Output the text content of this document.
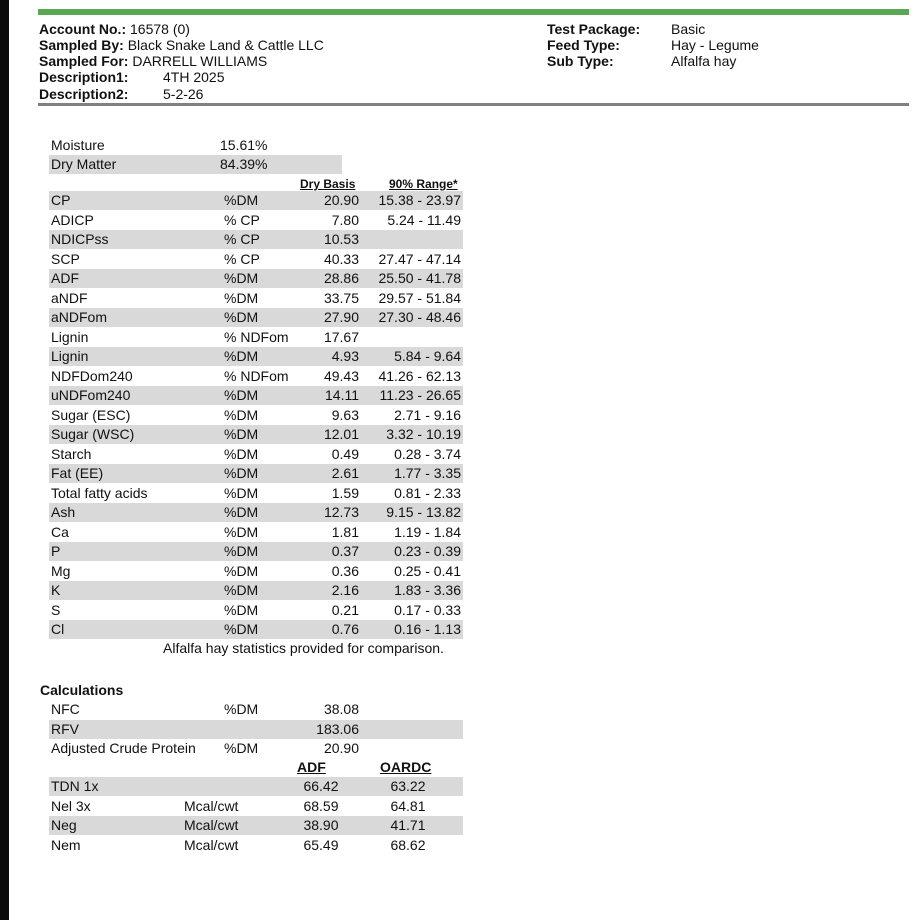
Account No.: 16578 (0)
Sampled By: Black Snake Land & Cattle LLC
Sampled For: DARRELL WILLIAMS
Description1: 4TH 2025
Description2: 5-2-26
Test Package: Basic
Feed Type:	Hay - Legume
Sub Type:	Alfalfa hay
Moisture	15.61%
Dry Matter	84.39%
Dry Basis	90% Range*
CP	%DM	20.90 15.38 - 23.97
ADICP	% CP	7.80 5.24 - 11.49
NDICPss	% CP	10.53
SCP	% CP	40.33 27.47 - 47.14
ADF	%DM	28.86 25.50 - 41.78
aNDF	%DM	33.75 29.57 - 51.84
aNDFom	%DM	27.90 27.30 - 48.46
Lignin	% NDFom	17.67
Lignin	%DM	4.93	5.84 - 9.64
NDFDom240	% NDFom	49.43 41.26 - 62.13
uNDFom240	%DM	14.11 11.23 - 26.65
Sugar (ESC)	%DM	9.63	2.71 - 9.16
Sugar (WSC)	%DM	12.01 3.32 - 10.19
Starch	%DM	0.49	0.28 - 3.74
Fat (EE)	%DM	2.61	1.77 - 3.35
Total fatty acids	%DM	1.59	0.81 - 2.33
Ash	%DM	12.73 9.15 - 13.82
Ca	%DM	1.81	1.19 - 1.84
P	%DM	0.37	0.23 - 0.39
Mg	%DM	0.36	0.25 - 0.41
K	%DM	2.16	1.83 - 3.36
S	%DM	0.21	0.17 - 0.33
Cl	%DM	0.76	0.16 - 1.13
Alfalfa hay statistics provided for comparison.
Calculations
NFC	%DM	38.08
RFV	183.06
Adjusted Crude Protein %DM	20.90
ADF	OARDC
TDN 1x	66.42	63.22
Nel 3x	Mcal/cwt	68.59	64.81
Neg	Mcal/cwt	38.90	41.71
Nem	Mcal/cwt	65.49	68.62
